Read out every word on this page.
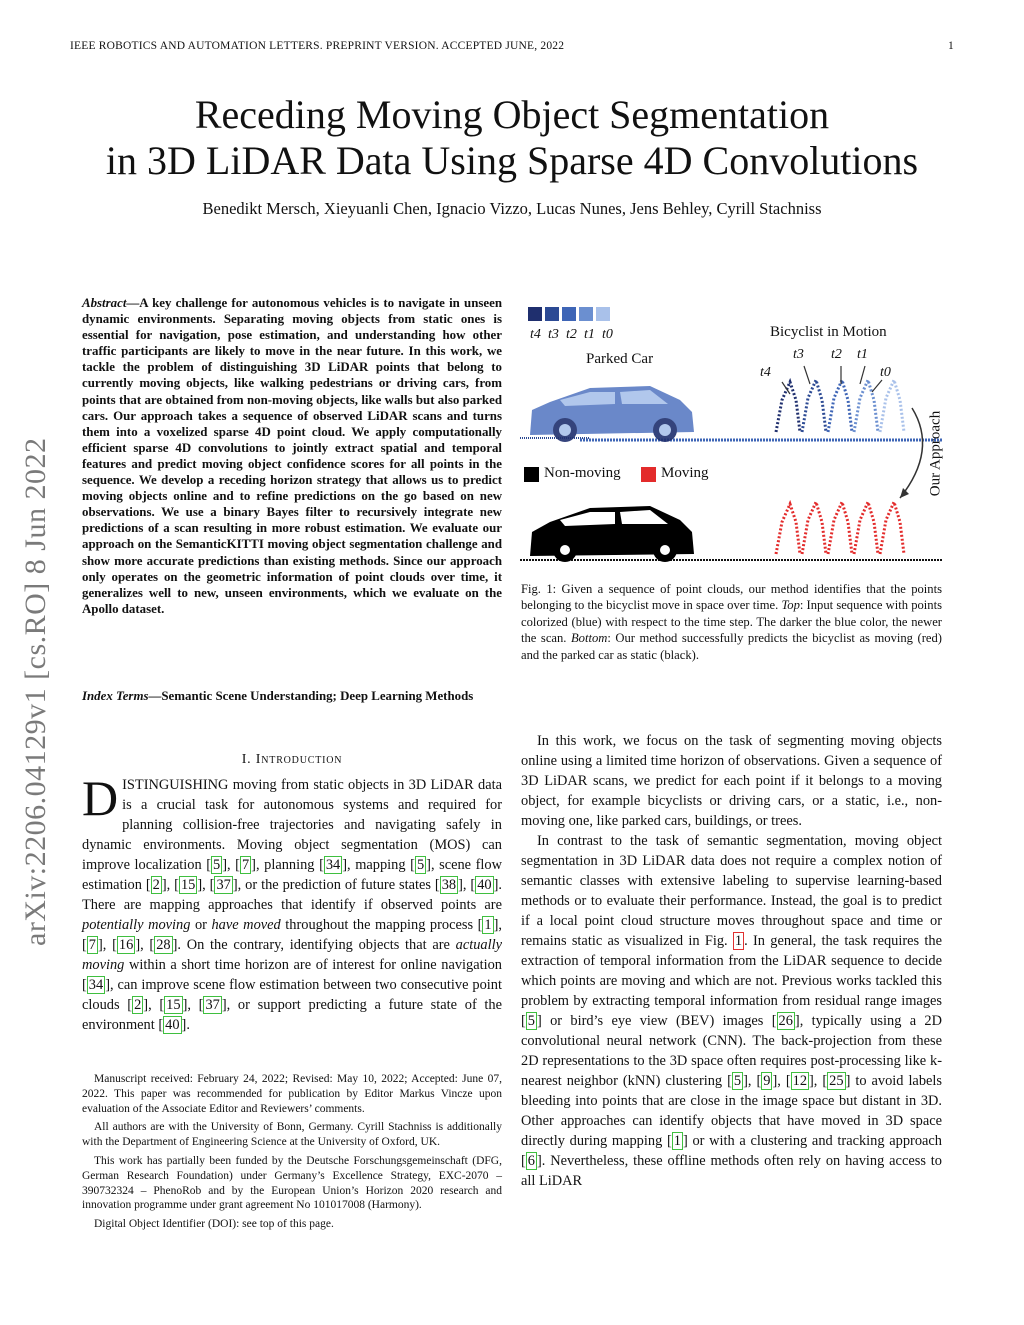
IEEE ROBOTICS AND AUTOMATION LETTERS. PREPRINT VERSION. ACCEPTED JUNE, 2022	1
Receding Moving Object Segmentation
in 3D LiDAR Data Using Sparse 4D Convolutions
Benedikt Mersch, Xieyuanli Chen, Ignacio Vizzo, Lucas Nunes, Jens Behley, Cyrill Stachniss
arXiv:2206.04129v1 [cs.RO] 8 Jun 2022
Abstract—A key challenge for autonomous vehicles is to navigate in unseen dynamic environments. Separating moving objects from static ones is essential for navigation, pose estimation, and understanding how other traffic participants are likely to move in the near future. In this work, we tackle the problem of distinguishing 3D LiDAR points that belong to currently moving objects, like walking pedestrians or driving cars, from points that are obtained from non-moving objects, like walls but also parked cars. Our approach takes a sequence of observed LiDAR scans and turns them into a voxelized sparse 4D point cloud. We apply computationally efficient sparse 4D convolutions to jointly extract spatial and temporal features and predict moving object confidence scores for all points in the sequence. We develop a receding horizon strategy that allows us to predict moving objects online and to refine predictions on the go based on new observations. We use a binary Bayes filter to recursively integrate new predictions of a scan resulting in more robust estimation. We evaluate our approach on the SemanticKITTI moving object segmentation challenge and show more accurate predictions than existing methods. Since our approach only operates on the geometric information of point clouds over time, it generalizes well to new, unseen environments, which we evaluate on the Apollo dataset.
Index Terms—Semantic Scene Understanding; Deep Learning Methods
I. Introduction

DISTINGUISHING moving from static objects in 3D LiDAR data is a crucial task for autonomous systems and required for planning collision-free trajectories and navigating safely in dynamic environments. Moving object segmentation (MOS) can improve localization [ 5 ], [ 7 ], planning [ 34 ], mapping [ 5 ], scene flow estimation [ 2 ], [ 15 ], [ 37 ], or the prediction of future states [ 38 ], [ 40 ]. There are mapping approaches that identify if observed points are potentially moving or have moved throughout the mapping process [ 1 ], [ 7 ], [ 16 ], [ 28 ]. On the contrary, identifying objects that are actually moving within a short time horizon are of interest for online navigation [ 34 ], can improve scene flow estimation between two consecutive point clouds [ 2 ], [ 15 ], [ 37 ], or support predicting a future state of the environment [ 40 ].

Manuscript received: February 24, 2022; Revised: May 10, 2022; Accepted: June 07, 2022. This paper was recommended for publication by Editor Markus Vincze upon evaluation of the Associate Editor and Reviewers’ comments.

All authors are with the University of Bonn, Germany. Cyrill Stachniss is additionally with the Department of Engineering Science at the University of Oxford, UK.

This work has partially been funded by the Deutsche Forschungsgemeinschaft (DFG, German Research Foundation) under Germany’s Excellence Strategy, EXC-2070 – 390732324 – PhenoRob and by the European Union’s Horizon 2020 research and innovation programme under grant agreement No 101017008 (Harmony).

Digital Object Identifier (DOI): see top of this page.

t4 t3 t2 t1 t0
Parked Car
Bicyclist in Motion
t3 t2 t1
t4	t0
Non-moving	Moving	Our Approach
Fig. 1: Given a sequence of point clouds, our method identifies that the points belonging to the bicyclist move in space over time. Top: Input sequence with points colorized (blue) with respect to the time step. The darker the blue color, the newer the scan. Bottom: Our method successfully predicts the bicyclist as moving (red) and the parked car as static (black).

In this work, we focus on the task of segmenting moving objects online using a limited time horizon of observations. Given a sequence of 3D LiDAR scans, we predict for each point if it belongs to a moving object, for example bicyclists or driving cars, or a static, i.e., non-moving one, like parked cars, buildings, or trees.

In contrast to the task of semantic segmentation, moving object segmentation in 3D LiDAR data does not require a complex notion of semantic classes with extensive labeling to supervise learning-based methods or to evaluate their performance. Instead, the goal is to predict if a local point cloud structure moves throughout space and time or remains static as visualized in Fig. 1 . In general, the task requires the extraction of temporal information from the LiDAR sequence to decide which points are moving and which are not. Previous works tackled this problem by extracting temporal information from residual range images [ 5 ] or bird’s eye view (BEV) images [ 26 ], typically using a 2D convolutional neural network (CNN). The back-projection from these 2D representations to the 3D space often requires post-processing like k-nearest neighbor (kNN) clustering [ 5 ], [ 9 ], [ 12 ], [ 25 ] to avoid labels bleeding into points that are close in the image space but distant in 3D. Other approaches can identify objects that have moved in 3D space directly during mapping [ 1 ] or with a clustering and tracking approach [ 6 ]. Nevertheless, these offline methods often rely on having access to all LiDAR
